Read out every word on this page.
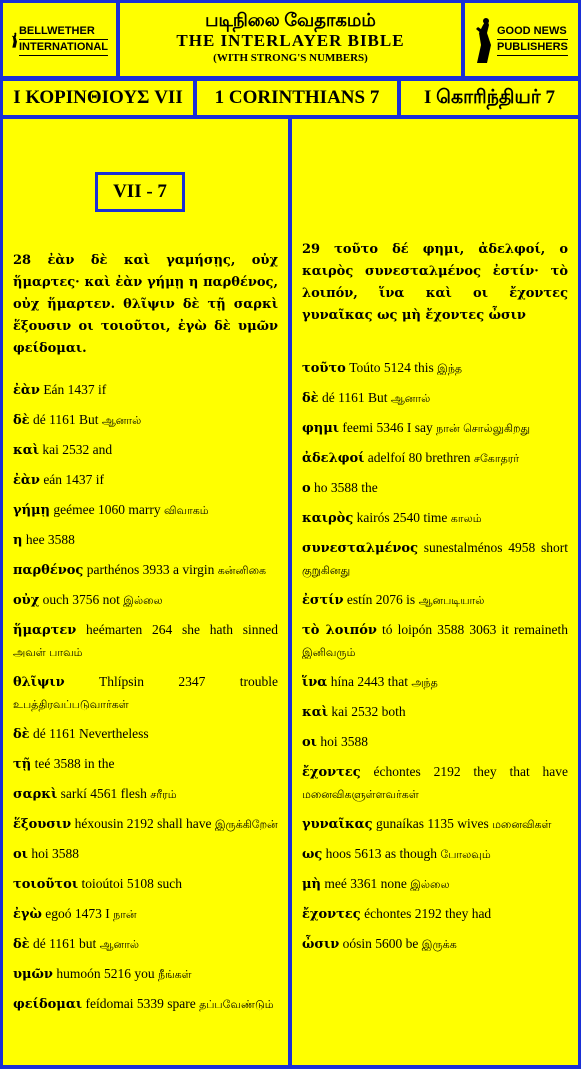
BELLWETHER
INTERNATIONAL
படிநிலை வேதாகமம்
THE INTERLAYER BIBLE
(WITH STRONG'S NUMBERS)
GOOD NEWS
PUBLISHERS
Ι ΚΟΡΙΝΘΙΟΥΣ VII	1 CORINTHIANS 7	I கொரிந்தியர் 7
VII - 7
28 ἐὰν δὲ καὶ γαμήσῃς, οὐχ ἥμαρτες· καὶ ἐὰν γήμῃ η παρθένος, οὐχ ἥμαρτεν. θλῖψιν δὲ τῇ σαρκὶ ἕξουσιν οι τοιοῦτοι, ἐγὼ δὲ υμῶν φείδομαι.
ἐὰν Eán 1437 if
δὲ dé 1161 But ஆனால்
καὶ kai 2532 and
ἐὰν eán 1437 if
γήμῃ geémee 1060 marry விவாகம்
η hee 3588
παρθένος parthénos 3933 a virgin கன்னிகை
οὐχ ouch 3756 not இல்லை
ἥμαρτεν heémarten 264 she hath sinned அவள் பாவம்
θλῖψιν	Thlípsin 2347 trouble உபத்திரவப்படுவார்கள்
δὲ dé 1161 Nevertheless
τῇ teé 3588 in the
σαρκὶ sarkí 4561 flesh சரீரம்
ἕξουσιν héxousin 2192 shall have இருக்கிறேன்
οι hoi 3588
τοιοῦτοι toioútoi 5108 such
ἐγὼ egoó 1473 I நான்
δὲ dé 1161 but ஆனால்
υμῶν humoón 5216 you நீங்கள்
φείδομαι feídomai 5339 spare தப்பவேண்டும்
29 τοῦτο δέ φημι, ἀδελφοί, ο καιρὸς συνεσταλμένος ἐστίν· τὸ λοιπόν, ἵνα καὶ οι ἔχοντες γυναῖκας ως μὴ ἔχοντες ὦσιν
τοῦτο Toúto 5124 this இந்த
δὲ dé 1161 But ஆனால்
φημι feemi 5346 I say நான் சொல்லுகிறது
ἀδελφοί adelfoí 80 brethren சகோதரர்
ο ho 3588 the
καιρὸς kairós 2540 time காலம்
συνεσταλμένος sunestalménos 4958 short குறுகினது
ἐστίν estín 2076 is ஆனபடியால்
τὸ λοιπόν tó loipón 3588 3063 it remaineth இனிவரும்
ἵνα hína 2443 that அந்த
καὶ kai 2532 both
οι hoi 3588
ἔχοντες échontes 2192 they that have மனைவிகளுள்ளவர்கள்
γυναῖκας gunaíkas 1135 wives மனைவிகள்
ως hoos 5613 as though போலவும்
μὴ meé 3361 none இல்லை
ἔχοντες échontes 2192 they had
ὦσιν oósin 5600 be இருக்க
